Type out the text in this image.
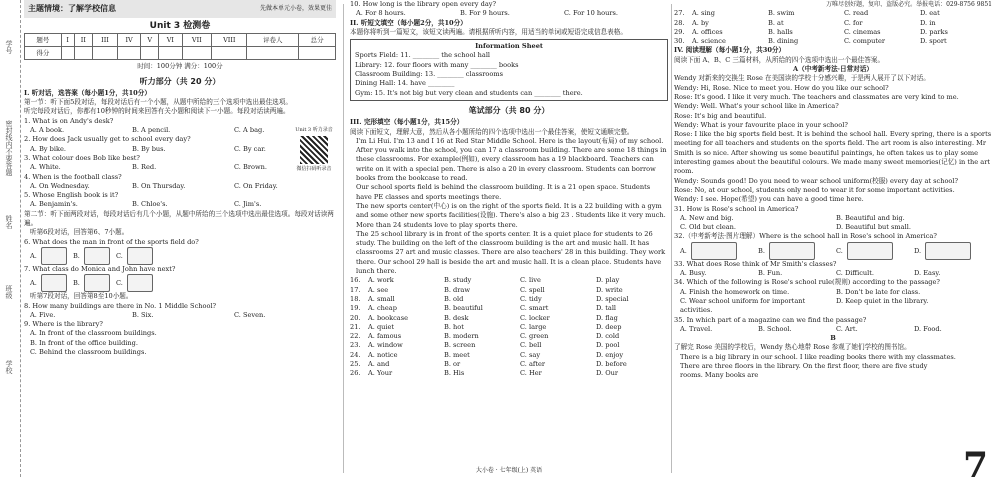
学校
班级
姓名
密封线内不要答题
学号
主题情境：了解学校信息	先做本单元小卷，效果更佳
Unit 3 检测卷
题号	I	II	III	IV	V	VI	VII	VIII	评卷人	总分
得分										
时间：100分钟 满分：100分
听力部分（共 20 分）

I. 听对话，选答案（每小题1分，共10分）

第一节：听下面5段对话，每段对话后有一个小题，从题中所给的三个选项中选出最佳选项。听完每段对话后，你都有10秒钟的时间来回答有关小题和阅读下一小题。每段对话读两遍。

Unit 3 听力录音
微信扫码听录音

1. What is on Andy's desk?

A. A book.	B. A pencil.	C. A bag.

2. How does Jack usually get to school every day?

A. By bike.	B. By bus.	C. By car.

3. What colour does Bob like best?

A. White.	B. Red.	C. Brown.

4. When is the football class?

A. On Wednesday.	B. On Thursday.	C. On Friday.

5. Whose English book is it?

A. Benjamin's.	B. Chloe's.	C. Jim's.

第二节：听下面两段对话，每段对话后有几个小题，从题中所给的三个选项中选出最佳选项。每段对话读两遍。

听第6段对话，回答第6、7小题。

6. What does the man in front of the sports field do?

A.	B.	C.

7. What class do Monica and John have next?

A.	B.	C.

听第7段对话，回答第8至10小题。

8. How many buildings are there in No. 1 Middle School?

A. Five.	B. Six.	C. Seven.

9. Where is the library?

A. In front of the classroom buildings.

B. In front of the office building.

C. Behind the classroom buildings.

10. How long is the library open every day?

A. For 8 hours.	B. For 9 hours.	C. For 10 hours.

II. 听短文填空（每小题2分，共10分）

本题你将听到一篇短文，该短文读两遍。请根据所听内容，用适当的单词或短语完成信息表格。

Information Sheet

Sports Field: 11. ________ the school hall

Library: 12. four floors with many ________ books

Classroom Building: 13. ________ classrooms

Dining Hall: 14. have ________

Gym: 15. It's not big but very clean and students can ________ there.

笔试部分（共 80 分）

III. 完形填空（每小题1分，共15分）

阅读下面短文，理解大意，然后从各小题所给的四个选项中选出一个最佳答案，使短文通顺完整。

I'm Li Hui. I'm 13 and I 16 at Red Star Middle School. Here is the layout(布局) of my school.

After you walk into the school, you can 17 a classroom building. There are some 18 things in these classrooms. For example(例如), every classroom has a 19 blackboard. Teachers can write on it with a special pen. There is also a 20 in every classroom. Students can borrow books from the bookcase to read.

Our school sports field is behind the classroom building. It is a 21 open space. Students have PE classes and sports meetings there.

The new sports center(中心) is on the right of the sports field. It is a 22 building with a gym and some other new sports facilities(设施). There's also a big 23 . Students like it very much. More than 24 students love to play sports there.

The 25 school library is in front of the sports center. It is a quiet place for students to 26 study. The building on the left of the classroom building is the art and music hall. It has classrooms 27 art and music classes. There are also teachers' 28 in this building. They work there. Our school 29 hall is beside the art and music hall. It is a clean place. Students have lunch there.

16.	A. work	B. study	C. live	D. play
17.	A. see	B. draw	C. spell	D. write
18.	A. small	B. old	C. tidy	D. special
19.	A. cheap	B. beautiful	C. smart	D. tall
20.	A. bookcase	B. desk	C. locker	D. flag
21.	A. quiet	B. hot	C. large	D. deep
22.	A. famous	B. modern	C. green	D. cold
23.	A. window	B. screen	C. bell	D. pool
24.	A. notice	B. meet	C. say	D. enjoy
25.	A. and	B. or	C. after	D. before
26.	A. Your	B. His	C. Her	D. Our
大小卷 · 七年级(上) 英语
万唯尽创好题，复印、盗版必究。举报电话：029-8756 9851
27.	A. sing	B. swim	C. read	D. eat
28.	A. by	B. at	C. for	D. in
29.	A. offices	B. halls	C. cinemas	D. parks
30.	A. science	B. dining	C. computer	D. sport

IV. 阅读理解（每小题1分，共30分）

阅读下面 A、B、C 三篇材料，从所给的四个选项中选出一个最佳答案。

A（中考新考法·日常对话）

Wendy 对新来的交换生 Rose 在美国读的学校十分感兴趣，于是两人展开了以下对话。

Wendy: Hi, Rose. Nice to meet you. How do you like our school?

Rose: It's good. I like it very much. The teachers and classmates are very kind to me.

Wendy: Well. What's your school like in America?

Rose: It's big and beautiful.

Wendy: What is your favourite place in your school?

Rose: I like the big sports field best. It is behind the school hall. Every spring, there is a sports meeting for all teachers and students on the sports field. The art room is also interesting. Mr Smith is so nice. After showing us some beautiful paintings, he often takes us to play some interesting games about the beautiful colours. We made many sweet memories(记忆) in the art room.

Wendy: Sounds good! Do you need to wear school uniform(校服) every day at school?

Rose: No, at our school, students only need to wear it for some important activities.

Wendy: I see. Hope(希望) you can have a good time here.

31. How is Rose's school in America?

A. New and big.	B. Beautiful and big.
C. Old but clean.	D. Beautiful but small.

32.（中考新考法·图片理解）Where is the school hall in Rose's school in America?

A.	B.	C.	D.

33. What does Rose think of Mr Smith's classes?

A. Busy.	B. Fun.	C. Difficult.	D. Easy.

34. Which of the following is Rose's school rule(规则) according to the passage?

A. Finish the homework on time.	B. Don't be late for class.
C. Wear school uniform for important activities.
D. Keep quiet in the library.

35. In which part of a magazine can we find the passage?

A. Travel.	B. School.	C. Art.	D. Food.

B

了解完 Rose 美国的学校后，Wendy 热心地带 Rose 参观了她们学校的图书馆。

There is a big library in our school. I like reading books there with my classmates.

There are three floors in the library. On the first floor, there are five study rooms. Many books are

7
